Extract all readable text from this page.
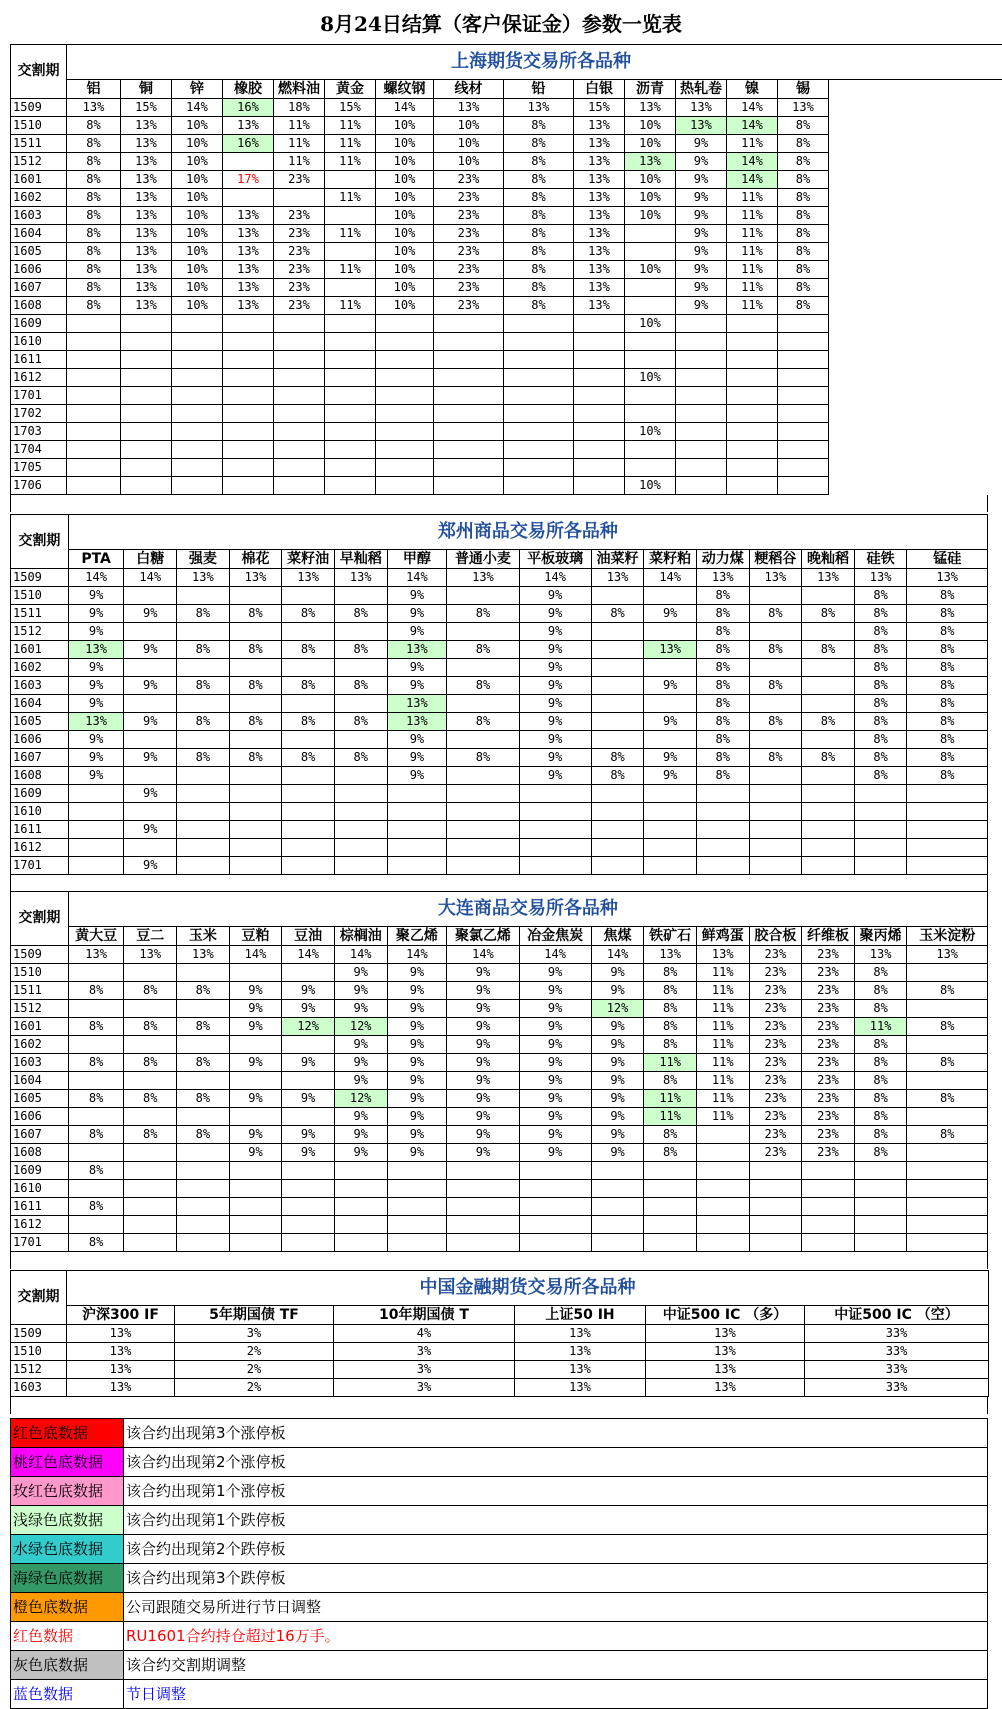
8月24日结算（客户保证金）参数一览表
交割期	上海期货交易所各品种														
	铝	铜	锌	橡胶	燃料油	黄金	螺纹钢	线材	铅	白银	沥青	热轧卷	镍	锡	
1509	13%	15%	14%	16%	18%	15%	14%	13%	13%	15%	13%	13%	14%	13%	
1510	8%	13%	10%	13%	11%	11%	10%	10%	8%	13%	10%	13%	14%	8%	
1511	8%	13%	10%	16%	11%	11%	10%	10%	8%	13%	10%	9%	11%	8%	
1512	8%	13%	10%		11%	11%	10%	10%	8%	13%	13%	9%	14%	8%	
1601	8%	13%	10%	17%	23%		10%	23%	8%	13%	10%	9%	14%	8%	
1602	8%	13%	10%			11%	10%	23%	8%	13%	10%	9%	11%	8%	
1603	8%	13%	10%	13%	23%		10%	23%	8%	13%	10%	9%	11%	8%	
1604	8%	13%	10%	13%	23%	11%	10%	23%	8%	13%		9%	11%	8%	
1605	8%	13%	10%	13%	23%		10%	23%	8%	13%		9%	11%	8%	
1606	8%	13%	10%	13%	23%	11%	10%	23%	8%	13%	10%	9%	11%	8%	
1607	8%	13%	10%	13%	23%		10%	23%	8%	13%		9%	11%	8%	
1608	8%	13%	10%	13%	23%	11%	10%	23%	8%	13%		9%	11%	8%	
1609											10%				
1610															
1611															
1612											10%				
1701															
1702															
1703											10%				
1704															
1705															
1706											10%				
交割期	郑州商品交易所各品种															
	PTA	白糖	强麦	棉花	菜籽油	早籼稻	甲醇	普通小麦	平板玻璃	油菜籽	菜籽粕	动力煤	粳稻谷	晚籼稻	硅铁	锰硅
1509	14%	14%	13%	13%	13%	13%	14%	13%	14%	13%	14%	13%	13%	13%	13%	13%
1510	9%						9%		9%			8%			8%	8%
1511	9%	9%	8%	8%	8%	8%	9%	8%	9%	8%	9%	8%	8%	8%	8%	8%
1512	9%						9%		9%			8%			8%	8%
1601	13%	9%	8%	8%	8%	8%	13%	8%	9%		13%	8%	8%	8%	8%	8%
1602	9%						9%		9%			8%			8%	8%
1603	9%	9%	8%	8%	8%	8%	9%	8%	9%		9%	8%	8%		8%	8%
1604	9%						13%		9%			8%			8%	8%
1605	13%	9%	8%	8%	8%	8%	13%	8%	9%		9%	8%	8%	8%	8%	8%
1606	9%						9%		9%			8%			8%	8%
1607	9%	9%	8%	8%	8%	8%	9%	8%	9%	8%	9%	8%	8%	8%	8%	8%
1608	9%						9%		9%	8%	9%	8%			8%	8%
1609		9%														
1610																
1611		9%														
1612																
1701		9%														
交割期	大连商品交易所各品种															
	黄大豆	豆二	玉米	豆粕	豆油	棕榈油	聚乙烯	聚氯乙烯	冶金焦炭	焦煤	铁矿石	鲜鸡蛋	胶合板	纤维板	聚丙烯	玉米淀粉
1509	13%	13%	13%	14%	14%	14%	14%	14%	14%	14%	13%	13%	23%	23%	13%	13%
1510						9%	9%	9%	9%	9%	8%	11%	23%	23%	8%	
1511	8%	8%	8%	9%	9%	9%	9%	9%	9%	9%	8%	11%	23%	23%	8%	8%
1512				9%	9%	9%	9%	9%	9%	12%	8%	11%	23%	23%	8%	
1601	8%	8%	8%	9%	12%	12%	9%	9%	9%	9%	8%	11%	23%	23%	11%	8%
1602						9%	9%	9%	9%	9%	8%	11%	23%	23%	8%	
1603	8%	8%	8%	9%	9%	9%	9%	9%	9%	9%	11%	11%	23%	23%	8%	8%
1604						9%	9%	9%	9%	9%	8%	11%	23%	23%	8%	
1605	8%	8%	8%	9%	9%	12%	9%	9%	9%	9%	11%	11%	23%	23%	8%	8%
1606						9%	9%	9%	9%	9%	11%	11%	23%	23%	8%	
1607	8%	8%	8%	9%	9%	9%	9%	9%	9%	9%	8%		23%	23%	8%	8%
1608				9%	9%	9%	9%	9%	9%	9%	8%		23%	23%	8%	
1609	8%															
1610																
1611	8%															
1612																
1701	8%															
交割期	中国金融期货交易所各品种					
	沪深300 IF	5年期国债 TF	10年期国债 T	上证50 IH	中证500 IC （多）	中证500 IC （空）
1509	13%	3%	4%	13%	13%	33%
1510	13%	2%	3%	13%	13%	33%
1512	13%	2%	3%	13%	13%	33%
1603	13%	2%	3%	13%	13%	33%
红色底数据	该合约出现第3个涨停板
桃红色底数据	该合约出现第2个涨停板
玫红色底数据	该合约出现第1个涨停板
浅绿色底数据	该合约出现第1个跌停板
水绿色底数据	该合约出现第2个跌停板
海绿色底数据	该合约出现第3个跌停板
橙色底数据	公司跟随交易所进行节日调整
红色数据	RU1601合约持仓超过16万手。
灰色底数据	该合约交割期调整
蓝色数据	节日调整
